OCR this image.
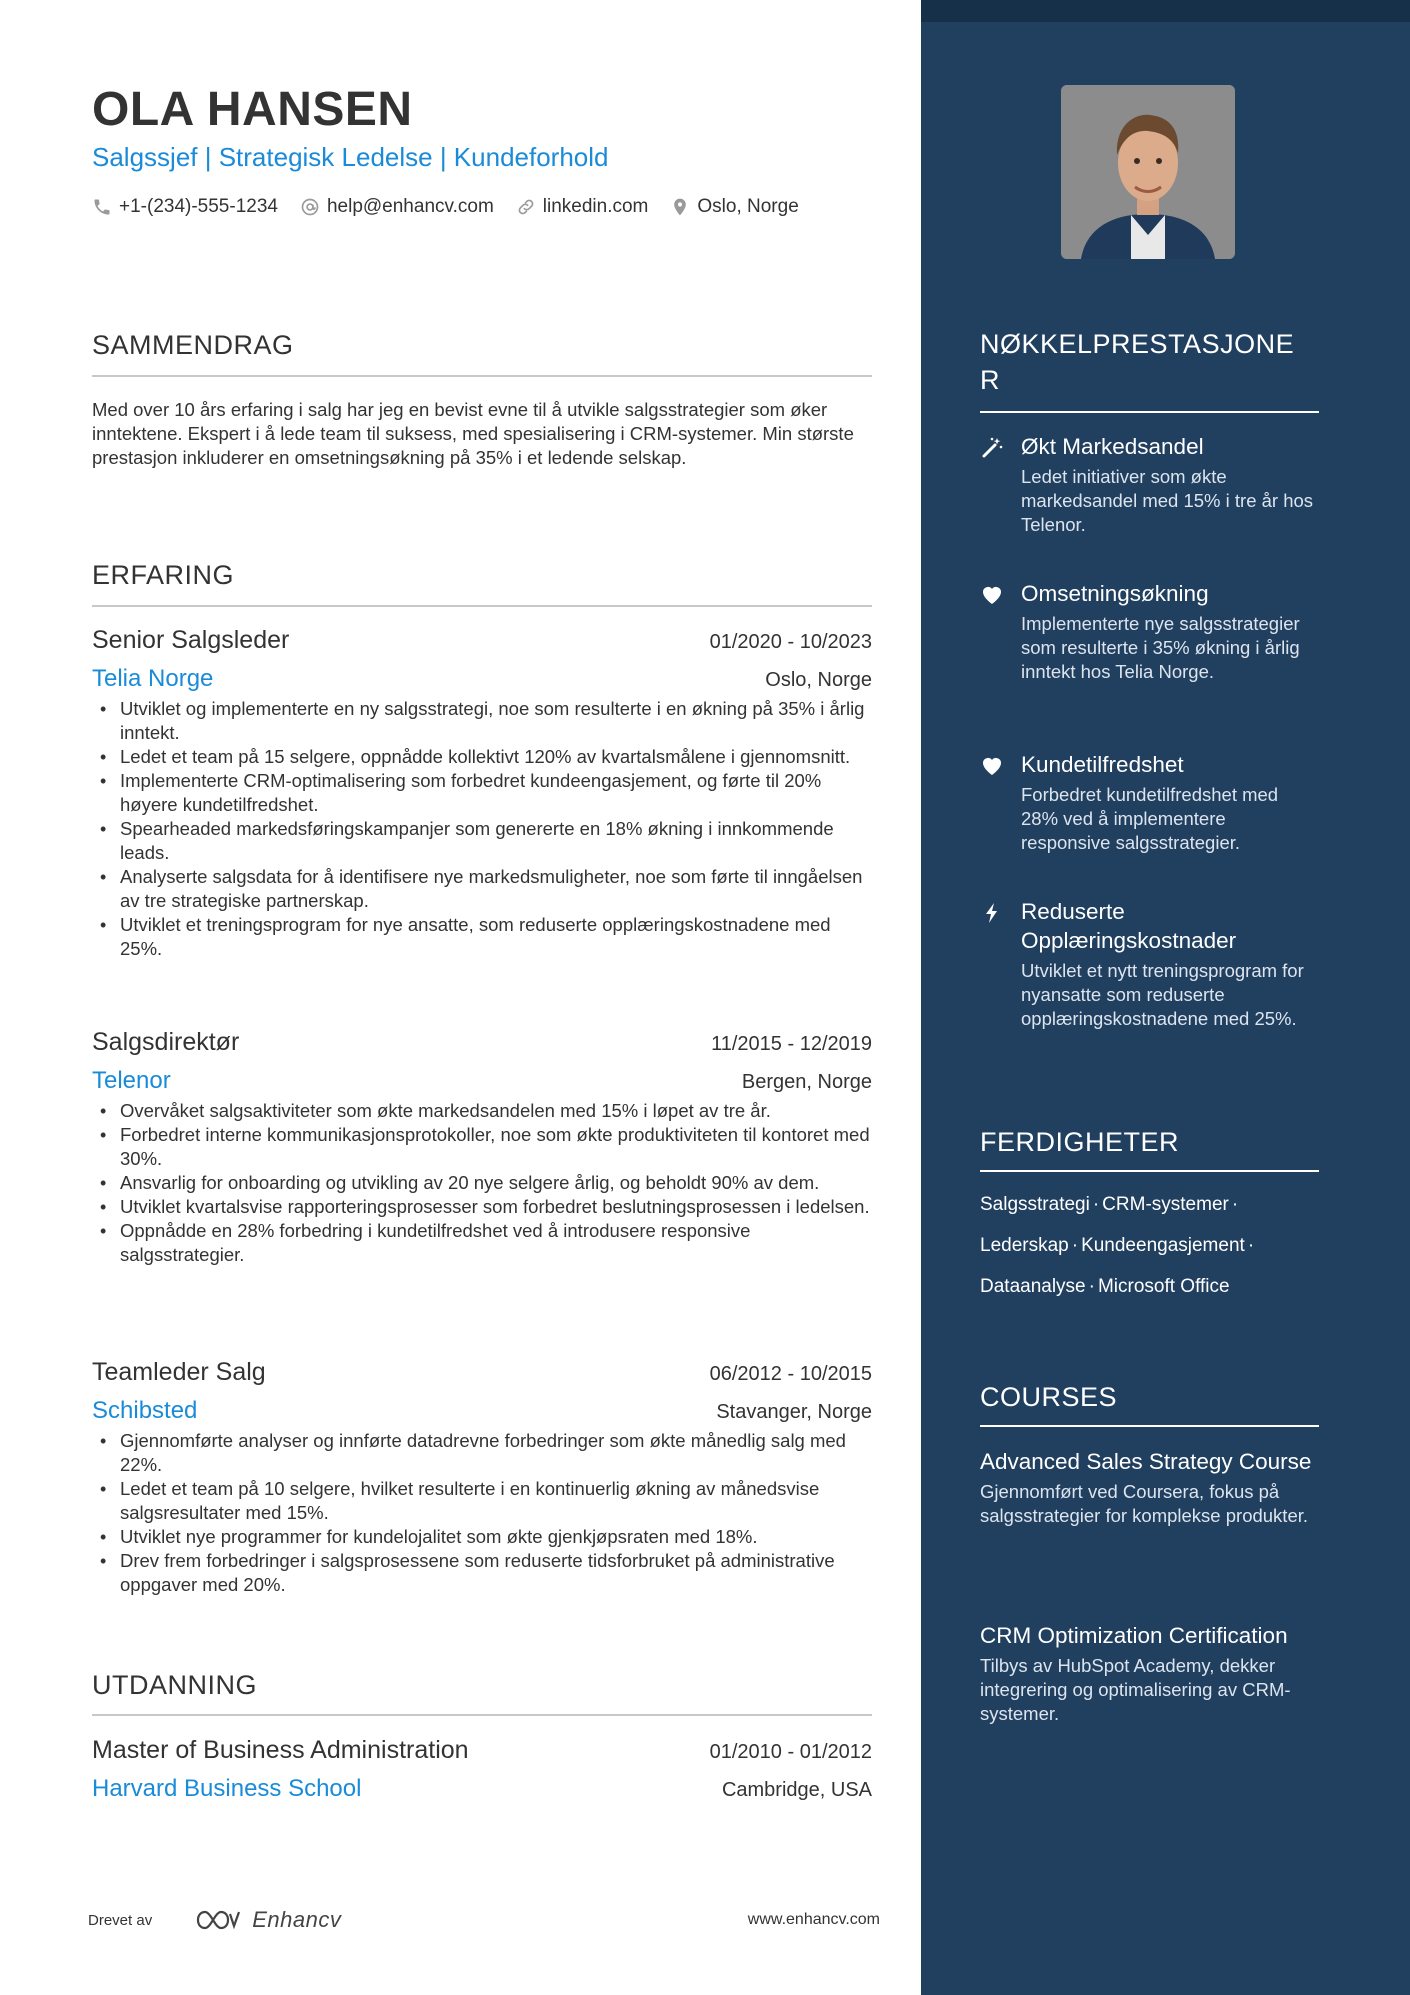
OLA HANSEN
Salgssjef | Strategisk Ledelse | Kundeforhold
+1-(234)-555-1234	help@enhancv.com	linkedin.com	Oslo, Norge
SAMMENDRAG
Med over 10 års erfaring i salg har jeg en bevist evne til å utvikle salgsstrategier som øker inntektene. Ekspert i å lede team til suksess, med spesialisering i CRM-systemer. Min største prestasjon inkluderer en omsetningsøkning på 35% i et ledende selskap.
ERFARING
Senior Salgsleder	01/2020 - 10/2023
Telia Norge	Oslo, Norge
• Utviklet og implementerte en ny salgsstrategi, noe som resulterte i en økning på 35% i årlig inntekt.
• Ledet et team på 15 selgere, oppnådde kollektivt 120% av kvartalsmålene i gjennomsnitt.
• Implementerte CRM-optimalisering som forbedret kundeengasjement, og førte til 20% høyere kundetilfredshet.
• Spearheaded markedsføringskampanjer som genererte en 18% økning i innkommende leads.
• Analyserte salgsdata for å identifisere nye markedsmuligheter, noe som førte til inngåelsen av tre strategiske partnerskap.
• Utviklet et treningsprogram for nye ansatte, som reduserte opplæringskostnadene med 25%.
Salgsdirektør	11/2015 - 12/2019
Telenor	Bergen, Norge
• Overvåket salgsaktiviteter som økte markedsandelen med 15% i løpet av tre år.
• Forbedret interne kommunikasjonsprotokoller, noe som økte produktiviteten til kontoret med 30%.
• Ansvarlig for onboarding og utvikling av 20 nye selgere årlig, og beholdt 90% av dem.
• Utviklet kvartalsvise rapporteringsprosesser som forbedret beslutningsprosessen i ledelsen.
• Oppnådde en 28% forbedring i kundetilfredshet ved å introdusere responsive salgsstrategier.
Teamleder Salg	06/2012 - 10/2015
Schibsted	Stavanger, Norge
• Gjennomførte analyser og innførte datadrevne forbedringer som økte månedlig salg med 22%.
• Ledet et team på 10 selgere, hvilket resulterte i en kontinuerlig økning av månedsvise salgsresultater med 15%.
• Utviklet nye programmer for kundelojalitet som økte gjenkjøpsraten med 18%.
• Drev frem forbedringer i salgsprosessene som reduserte tidsforbruket på administrative oppgaver med 20%.
UTDANNING
Master of Business Administration	01/2010 - 01/2012
Harvard Business School	Cambridge, USA
Drevet av	Enhancv	www.enhancv.com
NØKKELPRESTASJONE
R
Økt Markedsandel
Ledet initiativer som økte markedsandel med 15% i tre år hos Telenor.
Omsetningsøkning
Implementerte nye salgsstrategier som resulterte i 35% økning i årlig inntekt hos Telia Norge.
Kundetilfredshet
Forbedret kundetilfredshet med 28% ved å implementere responsive salgsstrategier.
Reduserte Opplæringskostnader
Utviklet et nytt treningsprogram for nyansatte som reduserte opplæringskostnadene med 25%.
FERDIGHETER
Salgsstrategi · CRM-systemer ·
Lederskap · Kundeengasjement ·
Dataanalyse · Microsoft Office
COURSES
Advanced Sales Strategy Course
Gjennomført ved Coursera, fokus på salgsstrategier for komplekse produkter.
CRM Optimization Certification
Tilbys av HubSpot Academy, dekker integrering og optimalisering av CRM-systemer.
